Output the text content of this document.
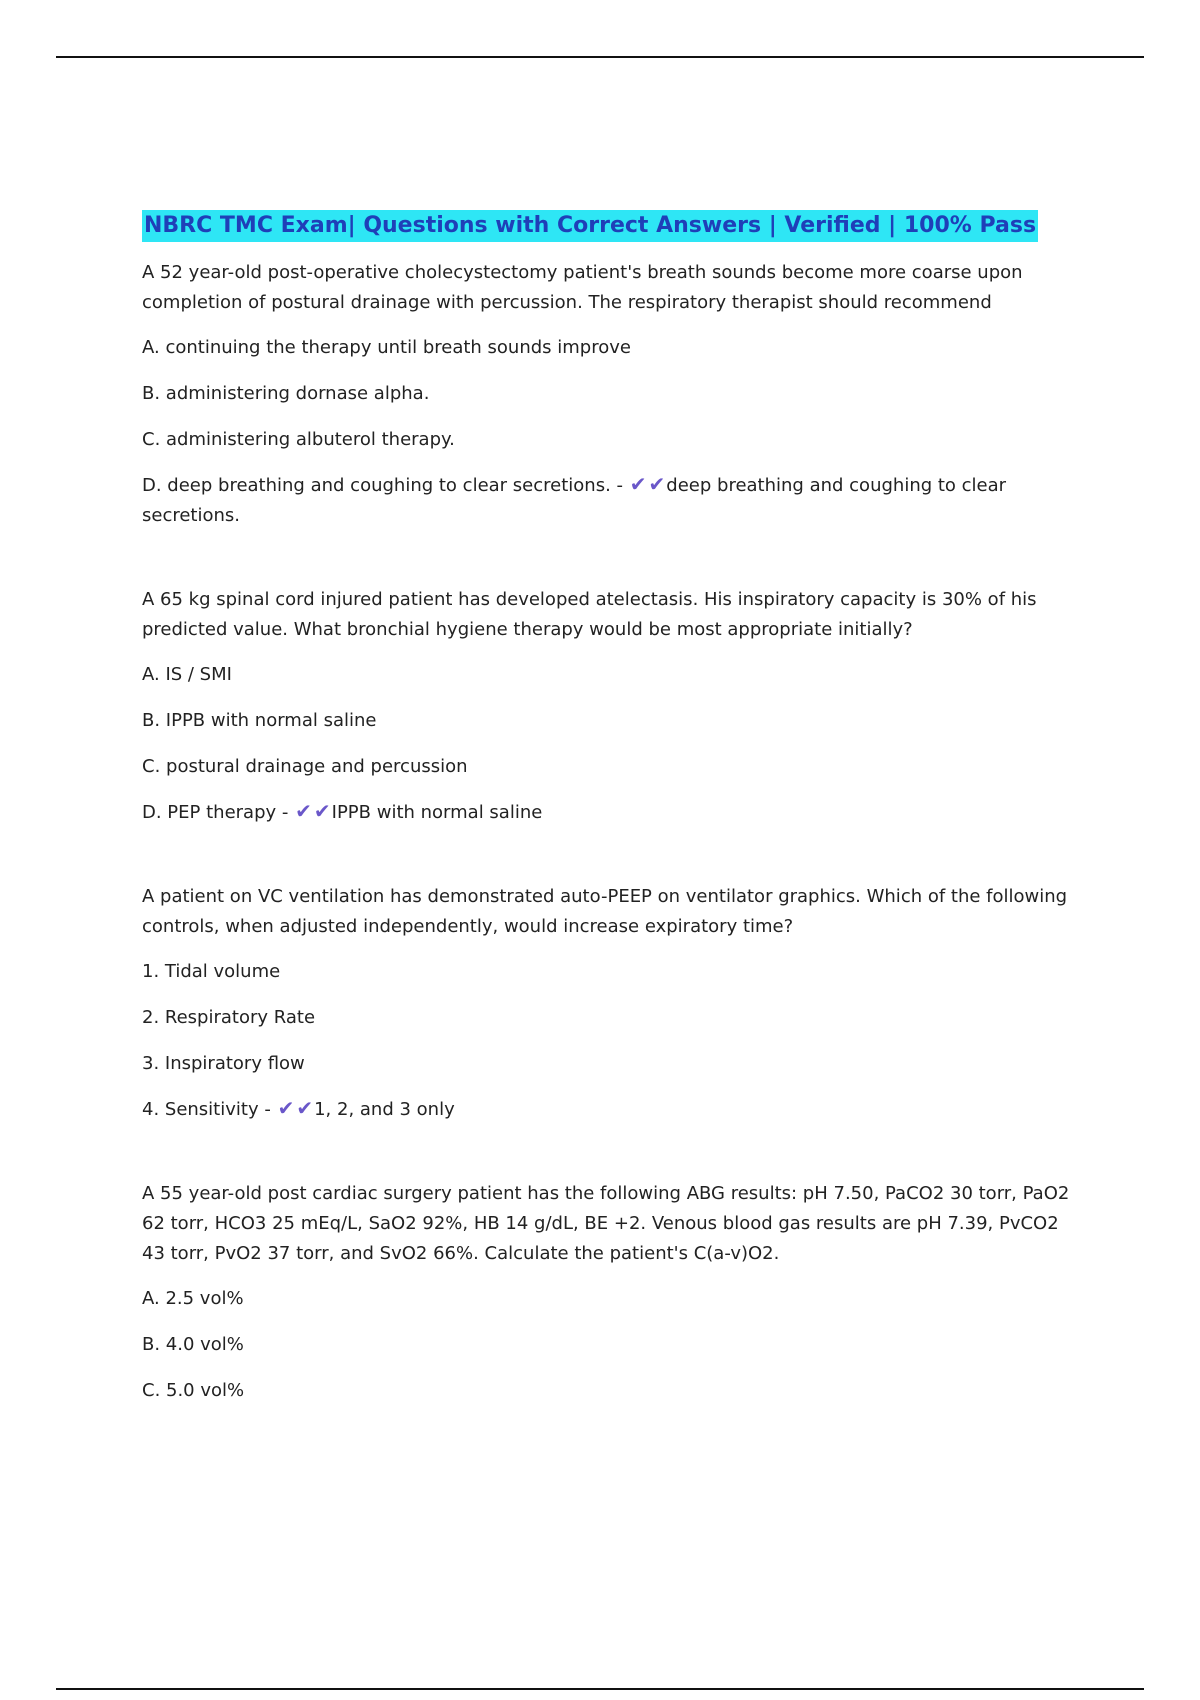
NBRC TMC Exam| Questions with Correct Answers | Verified | 100% Pass

A 52 year-old post-operative cholecystectomy patient's breath sounds become more coarse upon completion of postural drainage with percussion. The respiratory therapist should recommend

A. continuing the therapy until breath sounds improve

B. administering dornase alpha.

C. administering albuterol therapy.

D. deep breathing and coughing to clear secretions. - ✔ ✔deep breathing and coughing to clear secretions.

A 65 kg spinal cord injured patient has developed atelectasis. His inspiratory capacity is 30% of his predicted value. What bronchial hygiene therapy would be most appropriate initially?

A. IS / SMI

B. IPPB with normal saline

C. postural drainage and percussion

D. PEP therapy - ✔ ✔IPPB with normal saline

A patient on VC ventilation has demonstrated auto-PEEP on ventilator graphics. Which of the following controls, when adjusted independently, would increase expiratory time?

1. Tidal volume

2. Respiratory Rate

3. Inspiratory flow

4. Sensitivity - ✔ ✔1, 2, and 3 only

A 55 year-old post cardiac surgery patient has the following ABG results: pH 7.50, PaCO2 30 torr, PaO2 62 torr, HCO3 25 mEq/L, SaO2 92%, HB 14 g/dL, BE +2. Venous blood gas results are pH 7.39, PvCO2 43 torr, PvO2 37 torr, and SvO2 66%. Calculate the patient's C(a-v)O2.

A. 2.5 vol%

B. 4.0 vol%

C. 5.0 vol%
